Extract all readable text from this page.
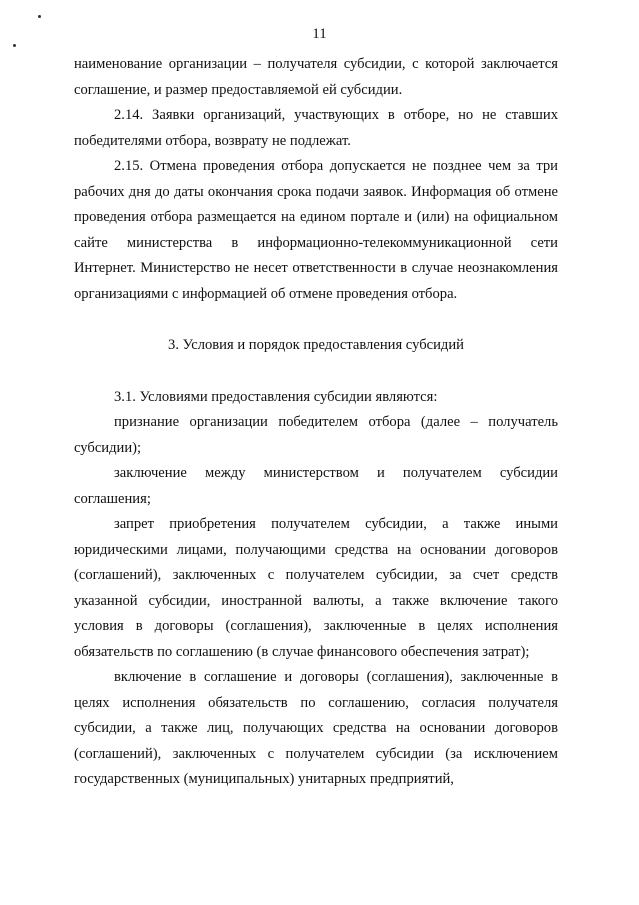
11

наименование организации – получателя субсидии, с которой заключается соглашение, и размер предоставляемой ей субсидии.

2.14. Заявки организаций, участвующих в отборе, но не ставших победителями отбора, возврату не подлежат.

2.15. Отмена проведения отбора допускается не позднее чем за три рабочих дня до даты окончания срока подачи заявок. Информация об отмене проведения отбора размещается на едином портале и (или) на официальном сайте министерства в информационно-телекоммуникационной сети Интернет. Министерство не несет ответственности в случае неознакомления организациями с информацией об отмене проведения отбора.

3. Условия и порядок предоставления субсидий

3.1. Условиями предоставления субсидии являются:

признание организации победителем отбора (далее – получатель субсидии);

заключение между министерством и получателем субсидии соглашения;

запрет приобретения получателем субсидии, а также иными юридическими лицами, получающими средства на основании договоров (соглашений), заключенных с получателем субсидии, за счет средств указанной субсидии, иностранной валюты, а также включение такого условия в договоры (соглашения), заключенные в целях исполнения обязательств по соглашению (в случае финансового обеспечения затрат);

включение в соглашение и договоры (соглашения), заключенные в целях исполнения обязательств по соглашению, согласия получателя субсидии, а также лиц, получающих средства на основании договоров (соглашений), заключенных с получателем субсидии (за исключением государственных (муниципальных) унитарных предприятий,
